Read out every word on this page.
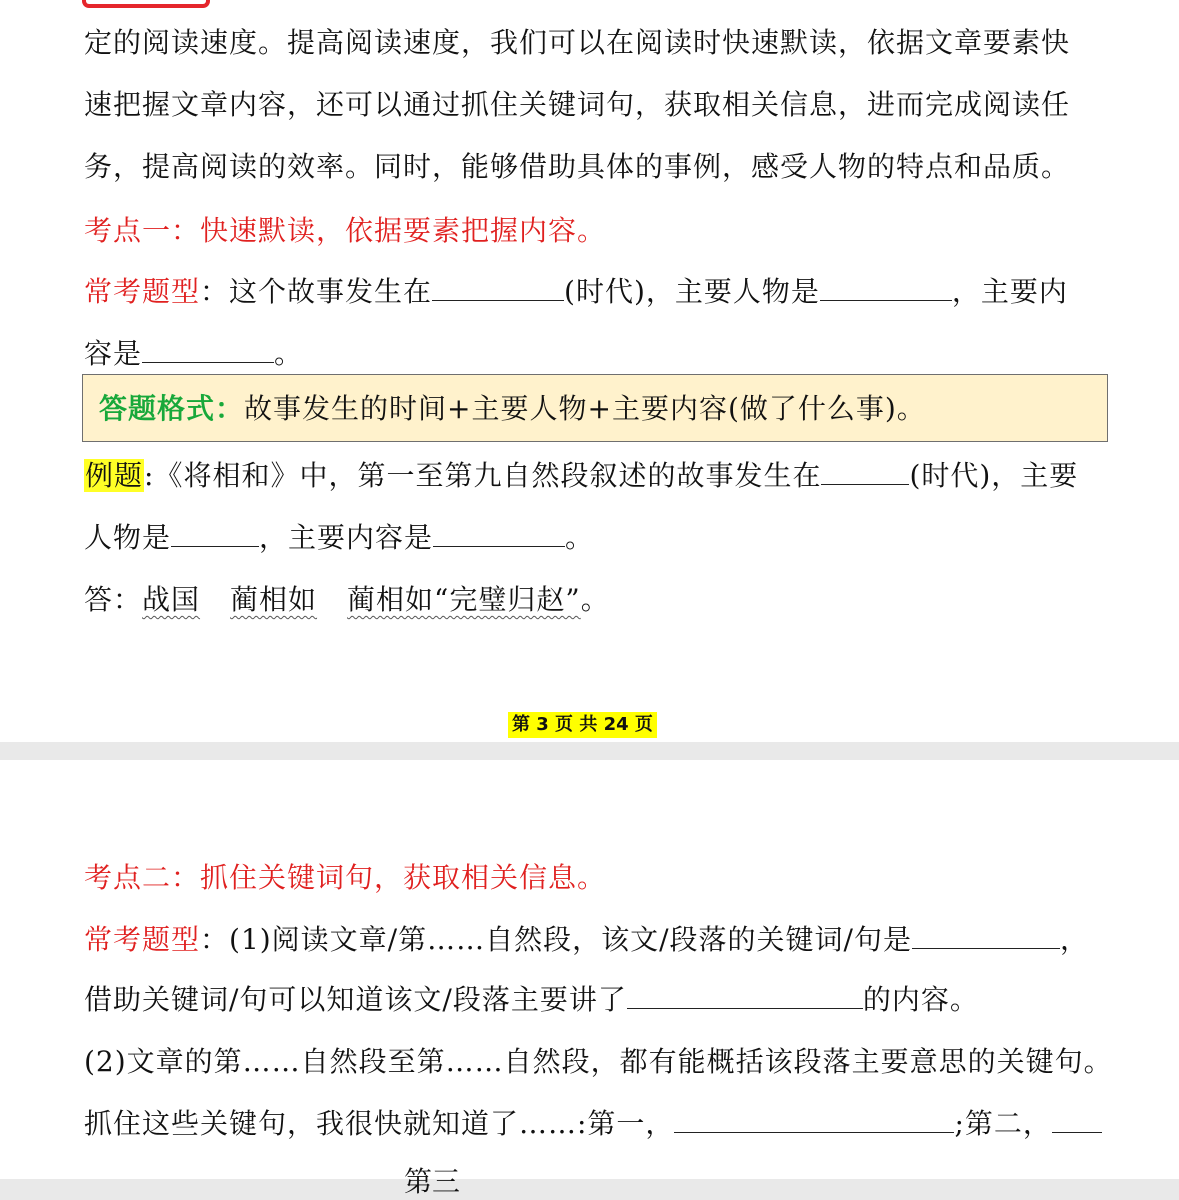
定的阅读速度。提高阅读速度，我们可以在阅读时快速默读，依据文章要素快
速把握文章内容，还可以通过抓住关键词句，获取相关信息，进而完成阅读任
务，提高阅读的效率。同时，能够借助具体的事例，感受人物的特点和品质。
考点一：快速默读，依据要素把握内容。
常考题型：这个故事发生在	(时代)，主要人物是	，主要内
容是	。
答题格式：故事发生的时间+主要人物+主要内容(做了什么事)。
例题:《将相和》中，第一至第九自然段叙述的故事发生在	(时代)，主要
人物是	，主要内容是	。
答：战国 蔺相如 蔺相如“完璧归赵”。
第 3 页 共 24 页
考点二：抓住关键词句，获取相关信息。
常考题型：(1)阅读文章/第……自然段，该文/段落的关键词/句是	，
借助关键词/句可以知道该文/段落主要讲了	的内容。
(2)文章的第……自然段至第……自然段，都有能概括该段落主要意思的关键句。
抓住这些关键句，我很快就知道了……:第一，	;第二，
第三
